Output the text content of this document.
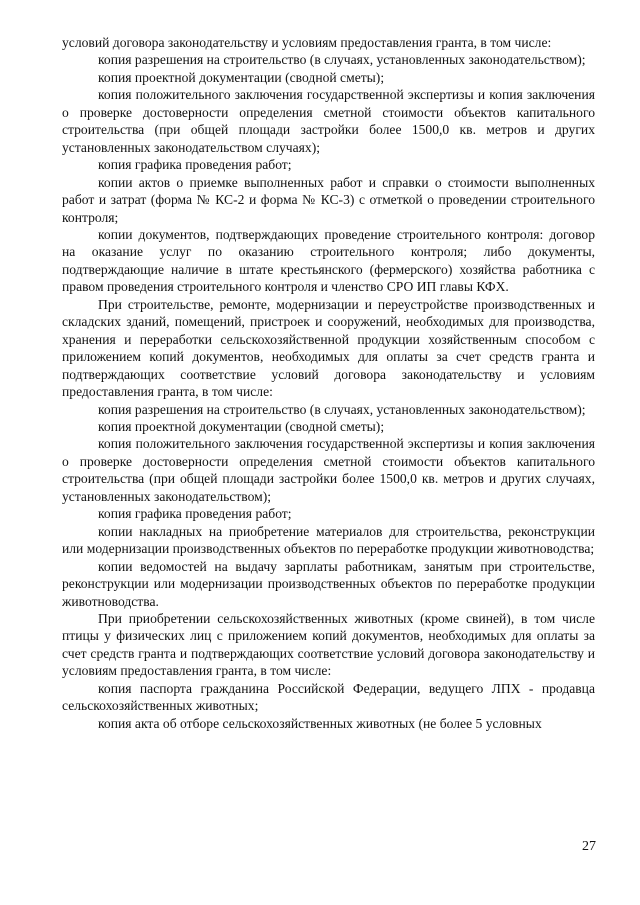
условий договора законодательству и условиям предоставления гранта, в том числе:

копия разрешения на строительство (в случаях, установленных законодательством);

копия проектной документации (сводной сметы);

копия положительного заключения государственной экспертизы и копия заключения о проверке достоверности определения сметной стоимости объектов капитального строительства (при общей площади застройки более 1500,0 кв. метров и других установленных законодательством случаях);

копия графика проведения работ;

копии актов о приемке выполненных работ и справки о стоимости выполненных работ и затрат (форма № КС-2 и форма № КС-3) с отметкой о проведении строительного контроля;

копии документов, подтверждающих проведение строительного контроля: договор на оказание услуг по оказанию строительного контроля; либо документы, подтверждающие наличие в штате крестьянского (фермерского) хозяйства работника с правом проведения строительного контроля и членство СРО ИП главы КФХ.

При строительстве, ремонте, модернизации и переустройстве производственных и складских зданий, помещений, пристроек и сооружений, необходимых для производства, хранения и переработки сельскохозяйственной продукции хозяйственным способом с приложением копий документов, необходимых для оплаты за счет средств гранта и подтверждающих соответствие условий договора законодательству и условиям предоставления гранта, в том числе:

копия разрешения на строительство (в случаях, установленных законодательством);

копия проектной документации (сводной сметы);

копия положительного заключения государственной экспертизы и копия заключения о проверке достоверности определения сметной стоимости объектов капитального строительства (при общей площади застройки более 1500,0 кв. метров и других случаях, установленных законодательством);

копия графика проведения работ;

копии накладных на приобретение материалов для строительства, реконструкции или модернизации производственных объектов по переработке продукции животноводства;

копии ведомостей на выдачу зарплаты работникам, занятым при строительстве, реконструкции или модернизации производственных объектов по переработке продукции животноводства.

При приобретении сельскохозяйственных животных (кроме свиней), в том числе птицы у физических лиц с приложением копий документов, необходимых для оплаты за счет средств гранта и подтверждающих соответствие условий договора законодательству и условиям предоставления гранта, в том числе:

копия паспорта гражданина Российской Федерации, ведущего ЛПХ - продавца сельскохозяйственных животных;

копия акта об отборе сельскохозяйственных животных (не более 5 условных

27
